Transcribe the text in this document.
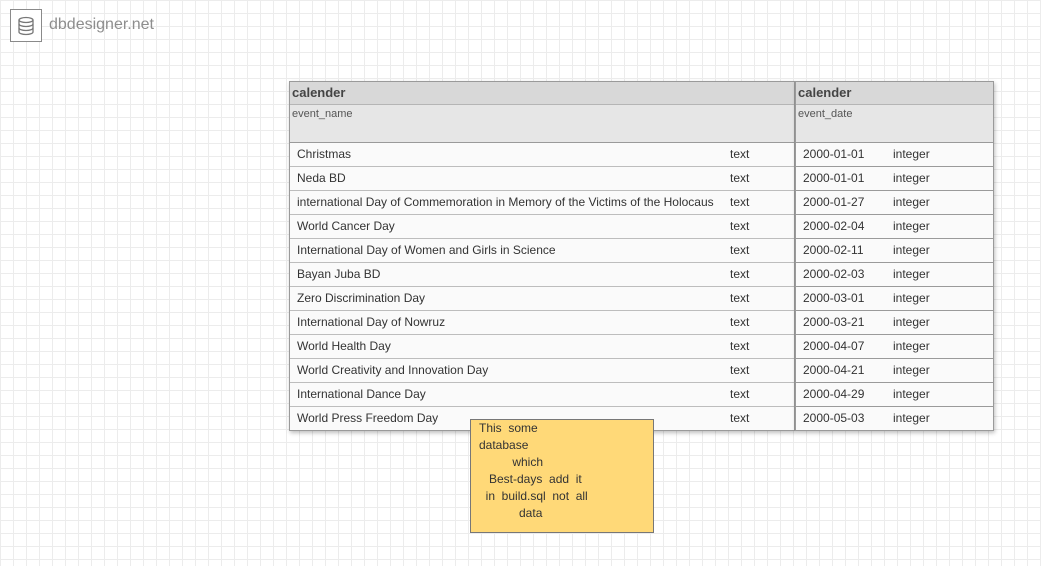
dbdesigner.net
calender
event_name
Christmas	text
Neda BD	text
international Day of Commemoration in Memory of the Victims of the Holocaus text
World Cancer Day	text
International Day of Women and Girls in Science	text
Bayan Juba BD	text
Zero Discrimination Day	text
International Day of Nowruz	text
World Health Day	text
World Creativity and Innovation Day	text
International Dance Day	text
World Press Freedom Day	text
calender
event_date
2000-01-01 integer
2000-01-01 integer
2000-01-27 integer
2000-02-04 integer
2000-02-11 integer
2000-02-03 integer
2000-03-01 integer
2000-03-21 integer
2000-04-07 integer
2000-04-21 integer
2000-04-29 integer
2000-05-03 integer
This  some
database
which
Best-days  add  it
in  build.sql  not  all
data
